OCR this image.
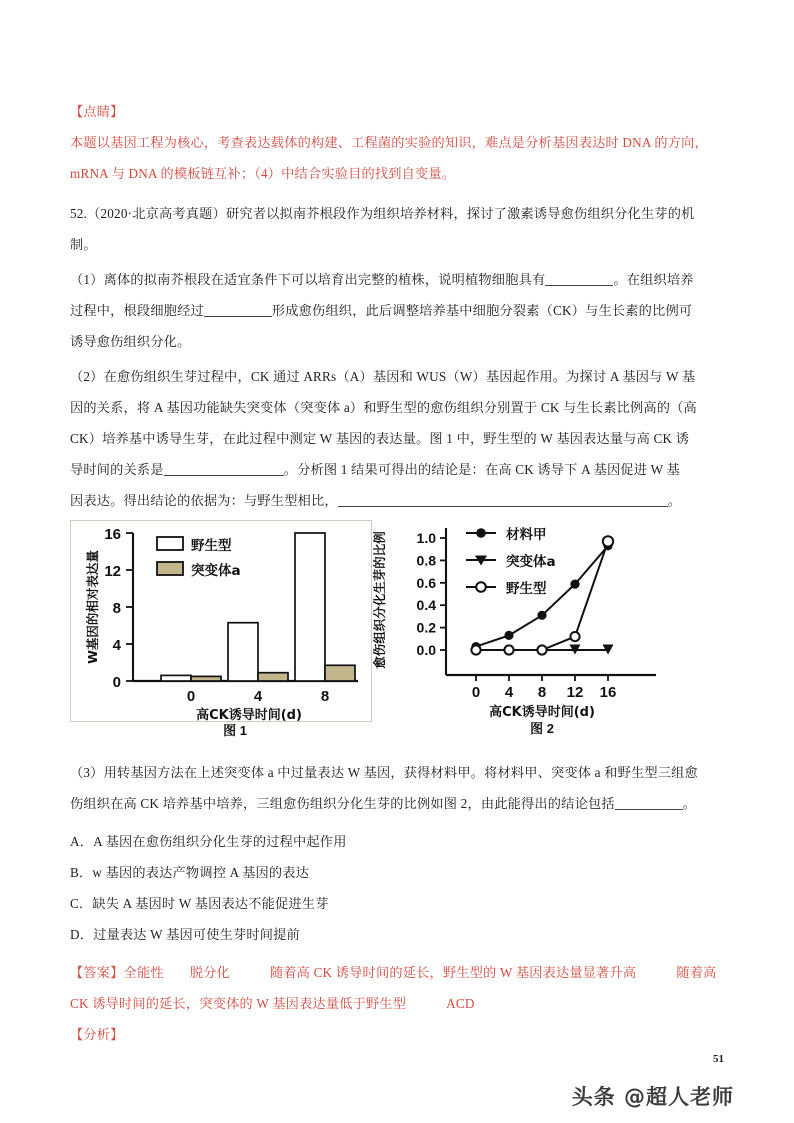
【点睛】

本题以基因工程为核心，考查表达载体的构建、工程菌的实验的知识，难点是分析基因表达时 DNA 的方向，

mRNA 与 DNA 的模板链互补；（4）中结合实验目的找到自变量。

52.（2020·北京高考真题）研究者以拟南芥根段作为组织培养材料，探讨了激素诱导愈伤组织分化生芽的机

制。

（1）离体的拟南芥根段在适宜条件下可以培育出完整的植株，说明植物细胞具有	。在组织培养

过程中，根段细胞经过	形成愈伤组织，此后调整培养基中细胞分裂素（CK）与生长素的比例可

诱导愈伤组织分化。

（2）在愈伤组织生芽过程中，CK 通过 ARRs（A）基因和 WUS（W）基因起作用。为探讨 A 基因与 W 基

因的关系，将 A 基因功能缺失突变体（突变体 a）和野生型的愈伤组织分别置于 CK 与生长素比例高的（高

CK）培养基中诱导生芽，在此过程中测定 W 基因的表达量。图 1 中，野生型的 W 基因表达量与高 CK 诱

导时间的关系是	。分析图 1 结果可得出的结论是：在高 CK 诱导下 A 基因促进 W 基

因表达。得出结论的依据为：与野生型相比，	。

0
4
8
12
16
W基因的相对表达量
0	4	8
高CK诱导时间(d)
野生型
突变体a
图 1
0.0
0.2
0.4
0.6
0.8
1.0
愈伤组织分化生芽的比例
0 4 8 12 16
高CK诱导时间(d)
材料甲
突变体a
野生型
图 2

（3）用转基因方法在上述突变体 a 中过量表达 W 基因，获得材料甲。将材料甲、突变体 a 和野生型三组愈

伤组织在高 CK 培养基中培养，三组愈伤组织分化生芽的比例如图 2，由此能得出的结论包括	。

A．A 基因在愈伤组织分化生芽的过程中起作用

B．w 基因的表达产物调控 A 基因的表达

C．缺失 A 基因时 W 基因表达不能促进生芽

D．过量表达 W 基因可使生芽时间提前

【答案】全能性 脱分化	随着高 CK 诱导时间的延长，野生型的 W 基因表达量显著升高	随着高

CK 诱导时间的延长，突变体的 W 基因表达量低于野生型	ACD

【分析】

51
头条 @超人老师
